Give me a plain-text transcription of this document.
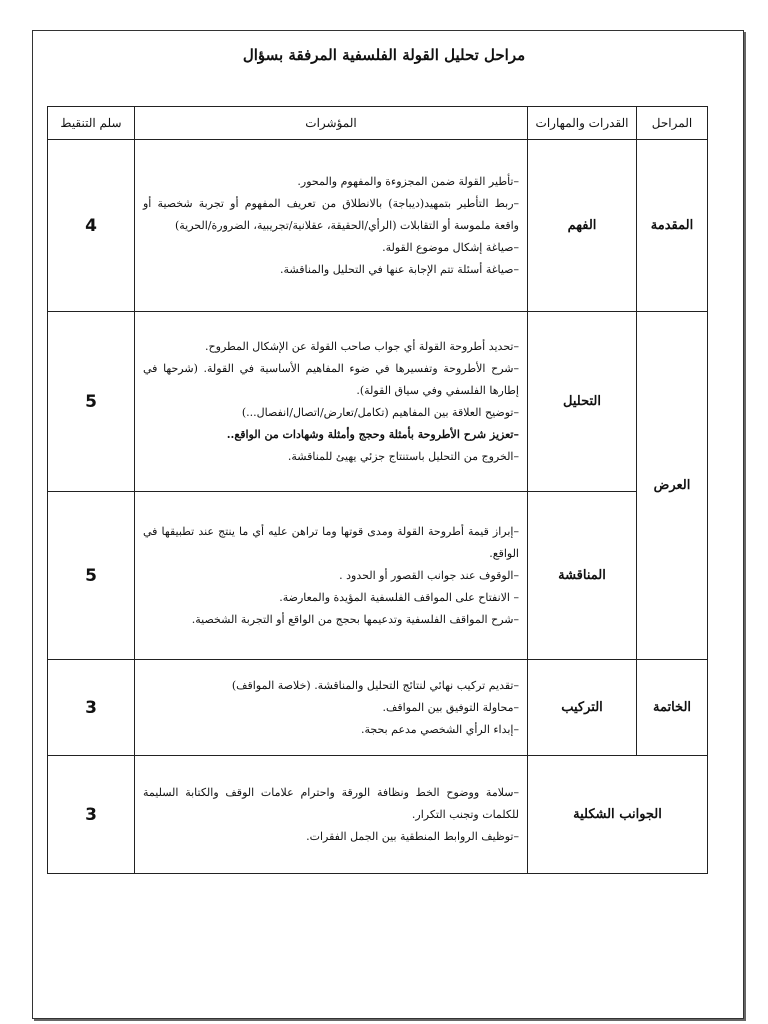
مراحل تحليل القولة الفلسفية المرفقة بسؤال
المراحل	القدرات والمهارات	المؤشرات	سلم التنقيط
المقدمة	الفهم	–تأطير القولة ضمن المجزوءة والمفهوم والمحور.
–ربط التأطير بتمهيد(ديباجة) بالانطلاق من تعريف المفهوم أو تجربة شخصية أو واقعة ملموسة أو التقابلات (الرأي/الحقيقة، عقلانية/تجريبية، الضرورة/الحرية)
–صياغة إشكال موضوع القولة.
–صياغة أسئلة تتم الإجابة عنها في التحليل والمناقشة.	4
العرض	التحليل	–تحديد أطروحة القولة أي جواب صاحب القولة عن الإشكال المطروح.
–شرح الأطروحة وتفسيرها في ضوء المفاهيم الأساسية في القولة. (شرحها في إطارها الفلسفي وفي سياق القولة).
–توضيح العلاقة بين المفاهيم (تكامل/تعارض/اتصال/انفصال...)
–تعزيز شرح الأطروحة بأمثلة وحجج وأمثلة وشهادات من الواقع..
–الخروج من التحليل باستنتاج جزئي يهيئ للمناقشة.	5
	المناقشة	–إبراز قيمة أطروحة القولة ومدى قوتها وما تراهن عليه أي ما ينتج عند تطبيقها في الواقع.
–الوقوف عند جوانب القصور أو الحدود .
– الانفتاح على المواقف الفلسفية المؤيدة والمعارضة.
–شرح المواقف الفلسفية وتدعيمها بحجج من الواقع أو التجربة الشخصية.	5
الخاتمة	التركيب	–تقديم تركيب نهائي لنتائج التحليل والمناقشة. (خلاصة المواقف)
–محاولة التوفيق بين المواقف.
–إبداء الرأي الشخصي مدعم بحجة.	3
الجوانب الشكلية		–سلامة ووضوح الخط ونظافة الورقة واحترام علامات الوقف والكتابة السليمة للكلمات وتجنب التكرار.
–توظيف الروابط المنطقية بين الجمل الفقرات.	3
